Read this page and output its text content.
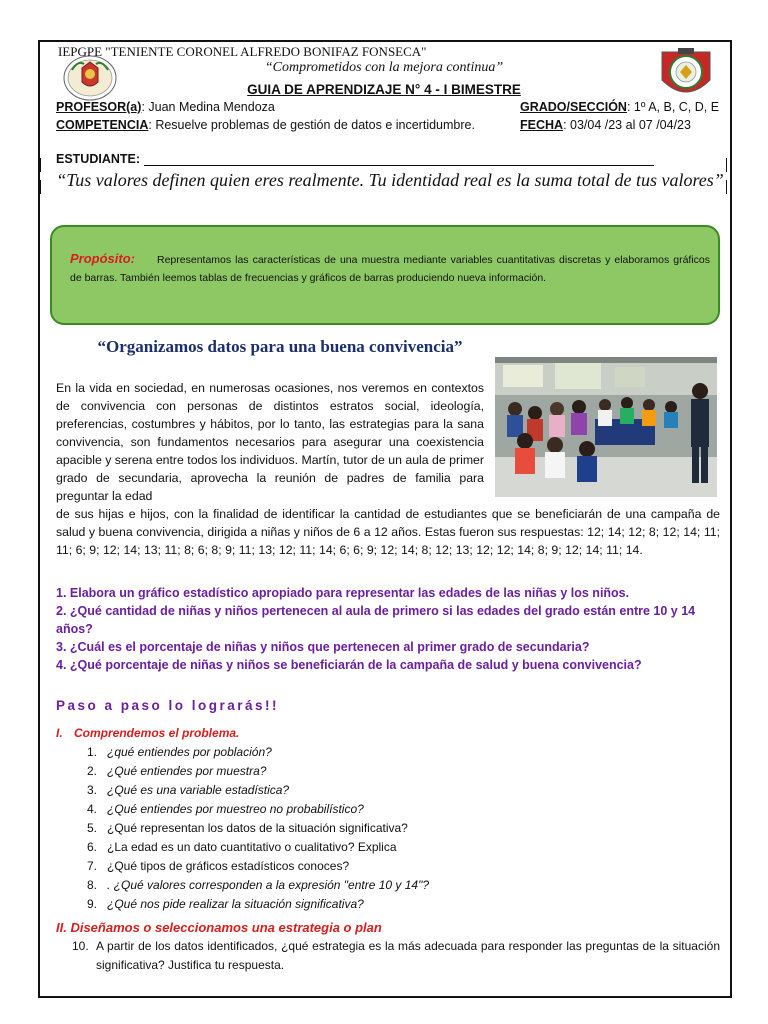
IEPGPE "TENIENTE CORONEL ALFREDO BONIFAZ FONSECA"
“Comprometidos con la mejora continua”
GUIA DE APRENDIZAJE N° 4 - I BIMESTRE
PROFESOR(a): Juan Medina Mendoza	GRADO/SECCIÓN: 1º A, B, C, D, E
COMPETENCIA: Resuelve problemas de gestión de datos e incertidumbre.	FECHA: 03/04 /23 al 07 /04/23
ESTUDIANTE:
“Tus valores definen quien eres realmente. Tu identidad real es la suma total de tus valores”
Propósito: Representamos las características de una muestra mediante variables cuantitativas discretas y elaboramos gráficos de barras. También leemos tablas de frecuencias y gráficos de barras produciendo nueva información.
“Organizamos datos para una buena convivencia”
En la vida en sociedad, en numerosas ocasiones, nos veremos en contextos de convivencia con personas de distintos estratos social, ideología, preferencias, costumbres y hábitos, por lo tanto, las estrategias para la sana convivencia, son fundamentos necesarios para asegurar una coexistencia apacible y serena entre todos los individuos. Martín, tutor de un aula de primer grado de secundaria, aprovecha la reunión de padres de familia para preguntar la edad
de sus hijas e hijos, con la finalidad de identificar la cantidad de estudiantes que se beneficiarán de una campaña de salud y buena convivencia, dirigida a niñas y niños de 6 a 12 años. Estas fueron sus respuestas: 12; 14; 12; 8; 12; 14; 11; 11; 6; 9; 12; 14; 13; 11; 8; 6; 8; 9; 11; 13; 12; 11; 14; 6; 6; 9; 12; 14; 8; 12; 13; 12; 12; 14; 8; 9; 12; 14; 11; 14.
1. Elabora un gráfico estadístico apropiado para representar las edades de las niñas y los niños.
2. ¿Qué cantidad de niñas y niños pertenecen al aula de primero si las edades del grado están entre 10 y 14 años?
3. ¿Cuál es el porcentaje de niñas y niños que pertenecen al primer grado de secundaria?
4. ¿Qué porcentaje de niñas y niños se beneficiarán de la campaña de salud y buena convivencia?
Paso a paso lo lograrás!!
I. Comprendemos el problema.
1. ¿qué entiendes por población?
2. ¿Qué entiendes por muestra?
3. ¿Qué es una variable estadística?
4. ¿Qué entiendes por muestreo no probabilístico?
5. ¿Qué representan los datos de la situación significativa?
6. ¿La edad es un dato cuantitativo o cualitativo? Explica
7. ¿Qué tipos de gráficos estadísticos conoces?
8. . ¿Qué valores corresponden a la expresión "entre 10 y 14"?
9. ¿Qué nos pide realizar la situación significativa?
II. Diseñamos o seleccionamos una estrategia o plan
10. A partir de los datos identificados, ¿qué estrategia es la más adecuada para responder las preguntas de la situación significativa? Justifica tu respuesta.
